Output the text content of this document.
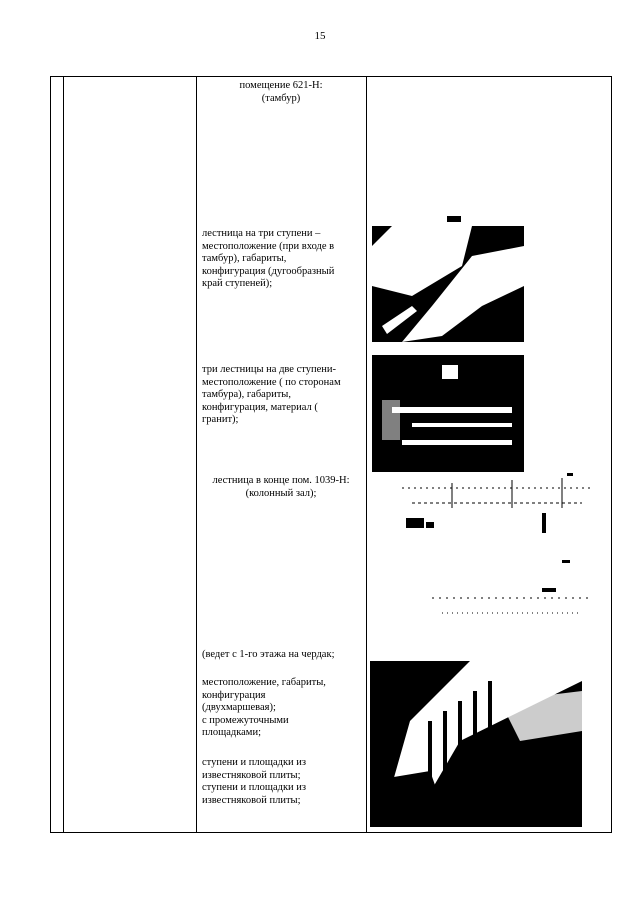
15
помещение 621-Н:
(тамбур)
лестница на три ступени –
местоположение (при входе в
тамбур), габариты,
конфигурация (дугообразный
край ступеней);
три лестницы на две ступени-
местоположение ( по сторонам
тамбура), габариты,
конфигурация, материал (
гранит);
лестница в конце пом. 1039-Н:
(колонный зал);
(ведет с 1-го этажа на чердак;
местоположение, габариты,
конфигурация
(двухмаршевая);
с промежуточными
площадками;
ступени и площадки из
известняковой плиты;
ступени и площадки из
известняковой плиты;
